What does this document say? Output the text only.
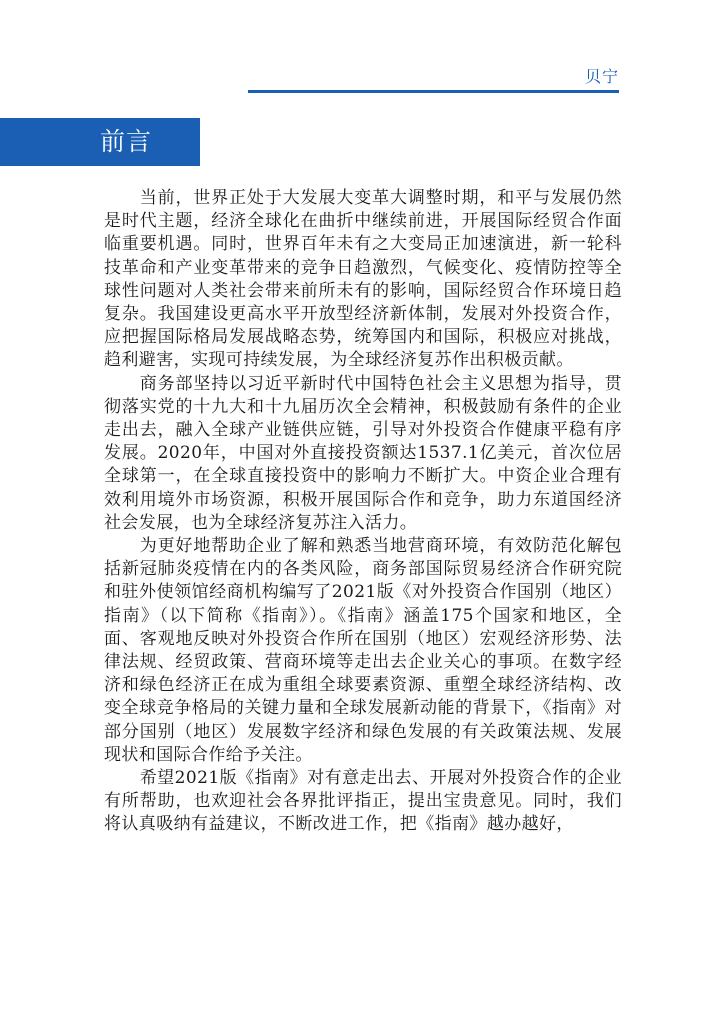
贝宁
前言

当前，世界正处于大发展大变革大调整时期，和平与发展仍然是时代主题，经济全球化在曲折中继续前进，开展国际经贸合作面临重要机遇。同时，世界百年未有之大变局正加速演进，新一轮科技革命和产业变革带来的竞争日趋激烈，气候变化、疫情防控等全球性问题对人类社会带来前所未有的影响，国际经贸合作环境日趋复杂。我国建设更高水平开放型经济新体制，发展对外投资合作，应把握国际格局发展战略态势，统筹国内和国际，积极应对挑战，趋利避害，实现可持续发展，为全球经济复苏作出积极贡献。

商务部坚持以习近平新时代中国特色社会主义思想为指导，贯彻落实党的十九大和十九届历次全会精神，积极鼓励有条件的企业走出去，融入全球产业链供应链，引导对外投资合作健康平稳有序发展。2020年，中国对外直接投资额达1537.1亿美元，首次位居全球第一，在全球直接投资中的影响力不断扩大。中资企业合理有效利用境外市场资源，积极开展国际合作和竞争，助力东道国经济社会发展，也为全球经济复苏注入活力。

为更好地帮助企业了解和熟悉当地营商环境，有效防范化解包括新冠肺炎疫情在内的各类风险，商务部国际贸易经济合作研究院和驻外使领馆经商机构编写了2021版《对外投资合作国别（地区）指南》（以下简称《指南》）。《指南》涵盖175个国家和地区，全面、客观地反映对外投资合作所在国别（地区）宏观经济形势、法律法规、经贸政策、营商环境等走出去企业关心的事项。在数字经济和绿色经济正在成为重组全球要素资源、重塑全球经济结构、改变全球竞争格局的关键力量和全球发展新动能的背景下，《指南》对部分国别（地区）发展数字经济和绿色发展的有关政策法规、发展现状和国际合作给予关注。

希望2021版《指南》对有意走出去、开展对外投资合作的企业有所帮助，也欢迎社会各界批评指正，提出宝贵意见。同时，我们将认真吸纳有益建议，不断改进工作，把《指南》越办越好，
